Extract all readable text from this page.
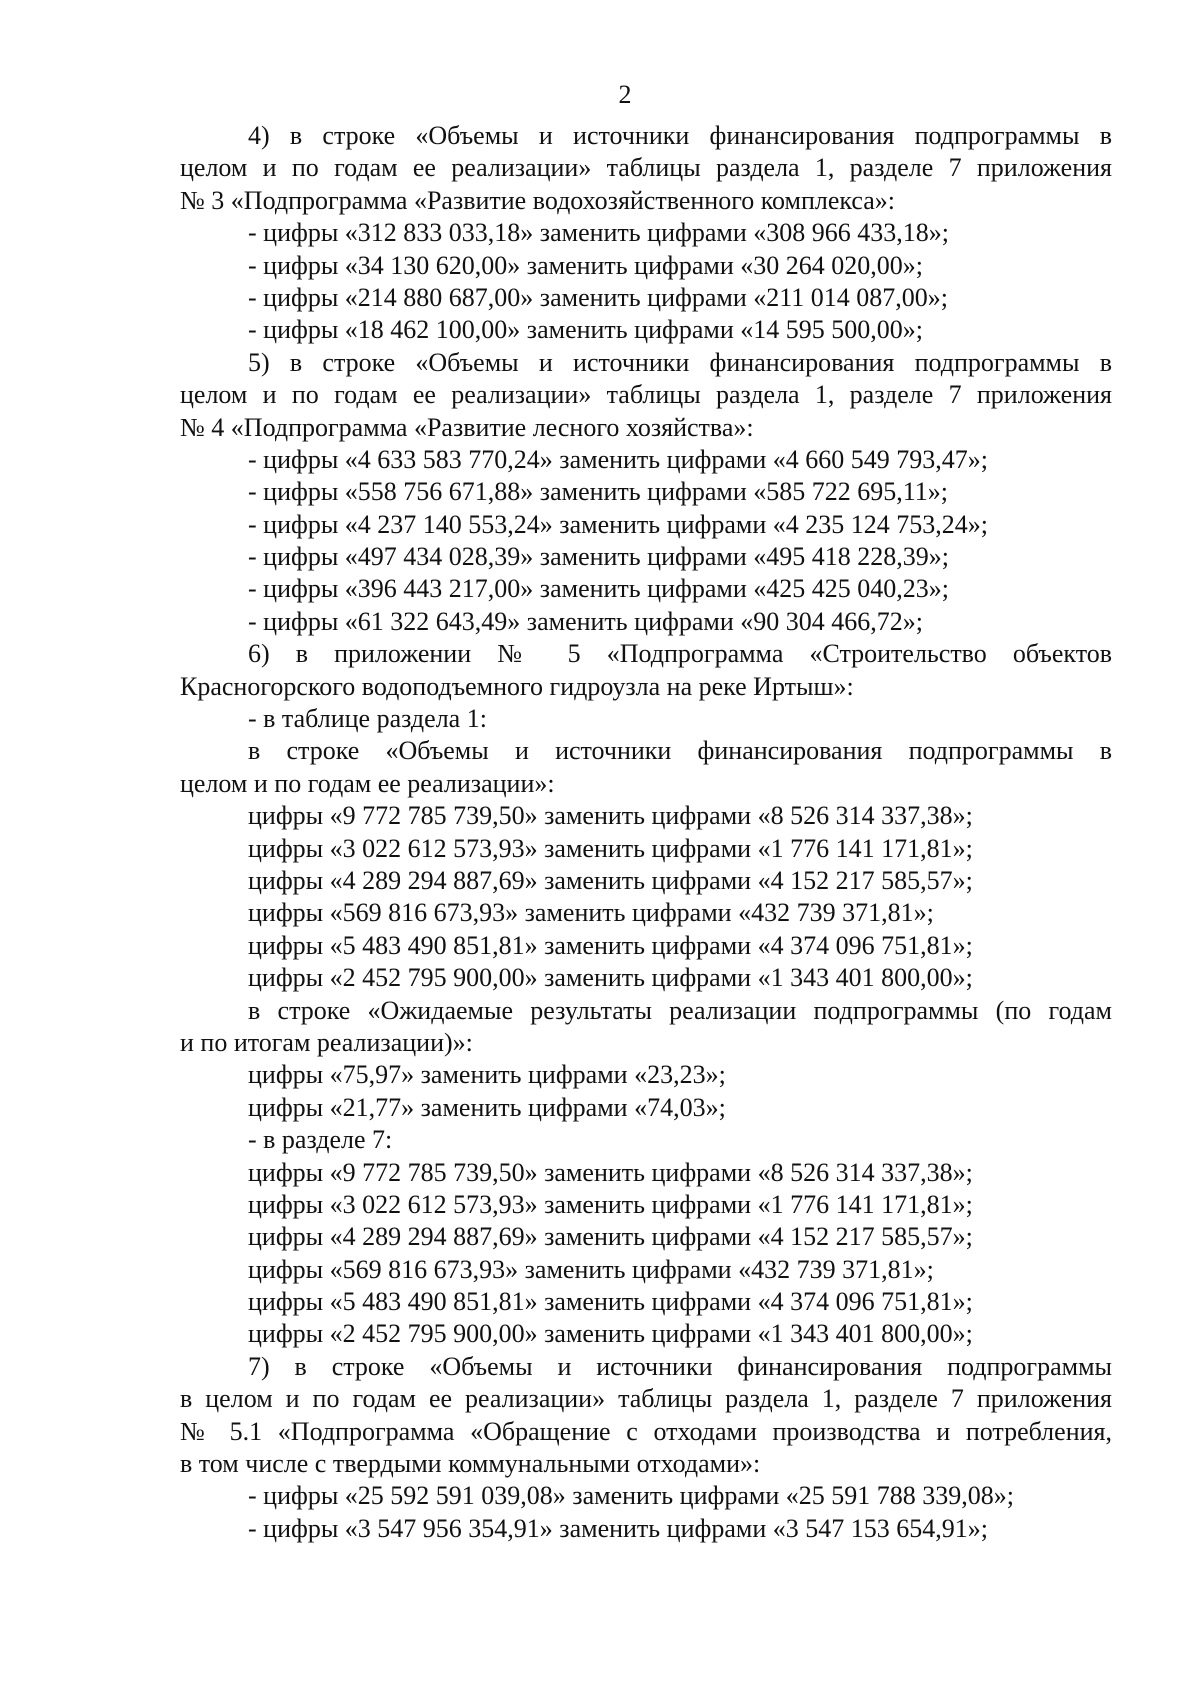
2
4) в строке «Объемы и источники финансирования подпрограммы в
целом и по годам ее реализации» таблицы раздела 1, разделе 7 приложения
№ 3 «Подпрограмма «Развитие водохозяйственного комплекса»:
- цифры «312 833 033,18» заменить цифрами «308 966 433,18»;
- цифры «34 130 620,00» заменить цифрами «30 264 020,00»;
- цифры «214 880 687,00» заменить цифрами «211 014 087,00»;
- цифры «18 462 100,00» заменить цифрами «14 595 500,00»;
5) в строке «Объемы и источники финансирования подпрограммы в
целом и по годам ее реализации» таблицы раздела 1, разделе 7 приложения
№ 4 «Подпрограмма «Развитие лесного хозяйства»:
- цифры «4 633 583 770,24» заменить цифрами «4 660 549 793,47»;
- цифры «558 756 671,88» заменить цифрами «585 722 695,11»;
- цифры «4 237 140 553,24» заменить цифрами «4 235 124 753,24»;
- цифры «497 434 028,39» заменить цифрами «495 418 228,39»;
- цифры «396 443 217,00» заменить цифрами «425 425 040,23»;
- цифры «61 322 643,49» заменить цифрами «90 304 466,72»;
6) в приложении № 5 «Подпрограмма «Строительство объектов
Красногорского водоподъемного гидроузла на реке Иртыш»:
- в таблице раздела 1:
в строке «Объемы и источники финансирования подпрограммы в
целом и по годам ее реализации»:
цифры «9 772 785 739,50» заменить цифрами «8 526 314 337,38»;
цифры «3 022 612 573,93» заменить цифрами «1 776 141 171,81»;
цифры «4 289 294 887,69» заменить цифрами «4 152 217 585,57»;
цифры «569 816 673,93» заменить цифрами «432 739 371,81»;
цифры «5 483 490 851,81» заменить цифрами «4 374 096 751,81»;
цифры «2 452 795 900,00» заменить цифрами «1 343 401 800,00»;
в строке «Ожидаемые результаты реализации подпрограммы (по годам
и по итогам реализации)»:
цифры «75,97» заменить цифрами «23,23»;
цифры «21,77» заменить цифрами «74,03»;
- в разделе 7:
цифры «9 772 785 739,50» заменить цифрами «8 526 314 337,38»;
цифры «3 022 612 573,93» заменить цифрами «1 776 141 171,81»;
цифры «4 289 294 887,69» заменить цифрами «4 152 217 585,57»;
цифры «569 816 673,93» заменить цифрами «432 739 371,81»;
цифры «5 483 490 851,81» заменить цифрами «4 374 096 751,81»;
цифры «2 452 795 900,00» заменить цифрами «1 343 401 800,00»;
7) в строке «Объемы и источники финансирования подпрограммы
в целом и по годам ее реализации» таблицы раздела 1, разделе 7 приложения
№ 5.1 «Подпрограмма «Обращение с отходами производства и потребления,
в том числе с твердыми коммунальными отходами»:
- цифры «25 592 591 039,08» заменить цифрами «25 591 788 339,08»;
- цифры «3 547 956 354,91» заменить цифрами «3 547 153 654,91»;
